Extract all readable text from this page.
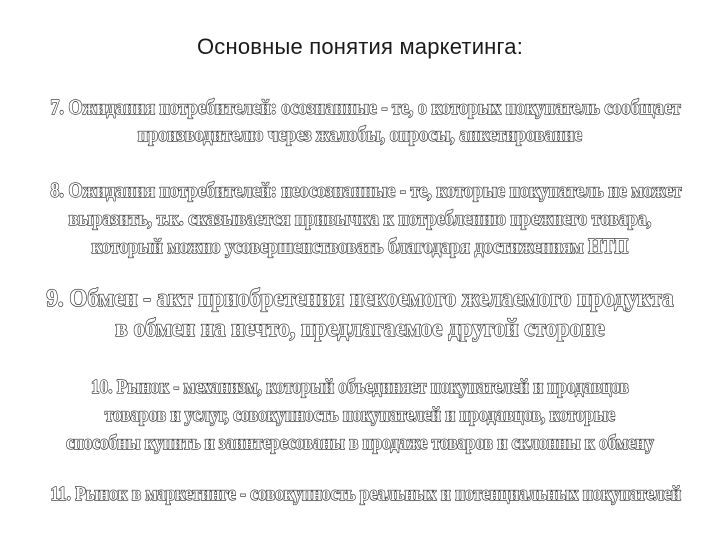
Основные понятия маркетинга:
7. Ожидания потребителей: осознанные - те, о которых покупатель сообщает
производителю через жалобы, опросы, анкетирование
8. Ожидания потребителей: неосознанные - те, которые покупатель не может
выразить, т.к. сказывается привычка к потреблению прежнего товара,
который можно усовершенствовать благодаря достижениям НТП
9. Обмен - акт приобретения некоемого желаемого продукта
в обмен на нечто, предлагаемое другой стороне
10. Рынок - механизм, который объединяет покупателей и продавцов
товаров и услуг, совокупность покупателей и продавцов, которые
способны купить и заинтересованы в продаже товаров и склонны к обмену
11. Рынок в маркетинге - совокупность реальных и потенциальных покупателей
